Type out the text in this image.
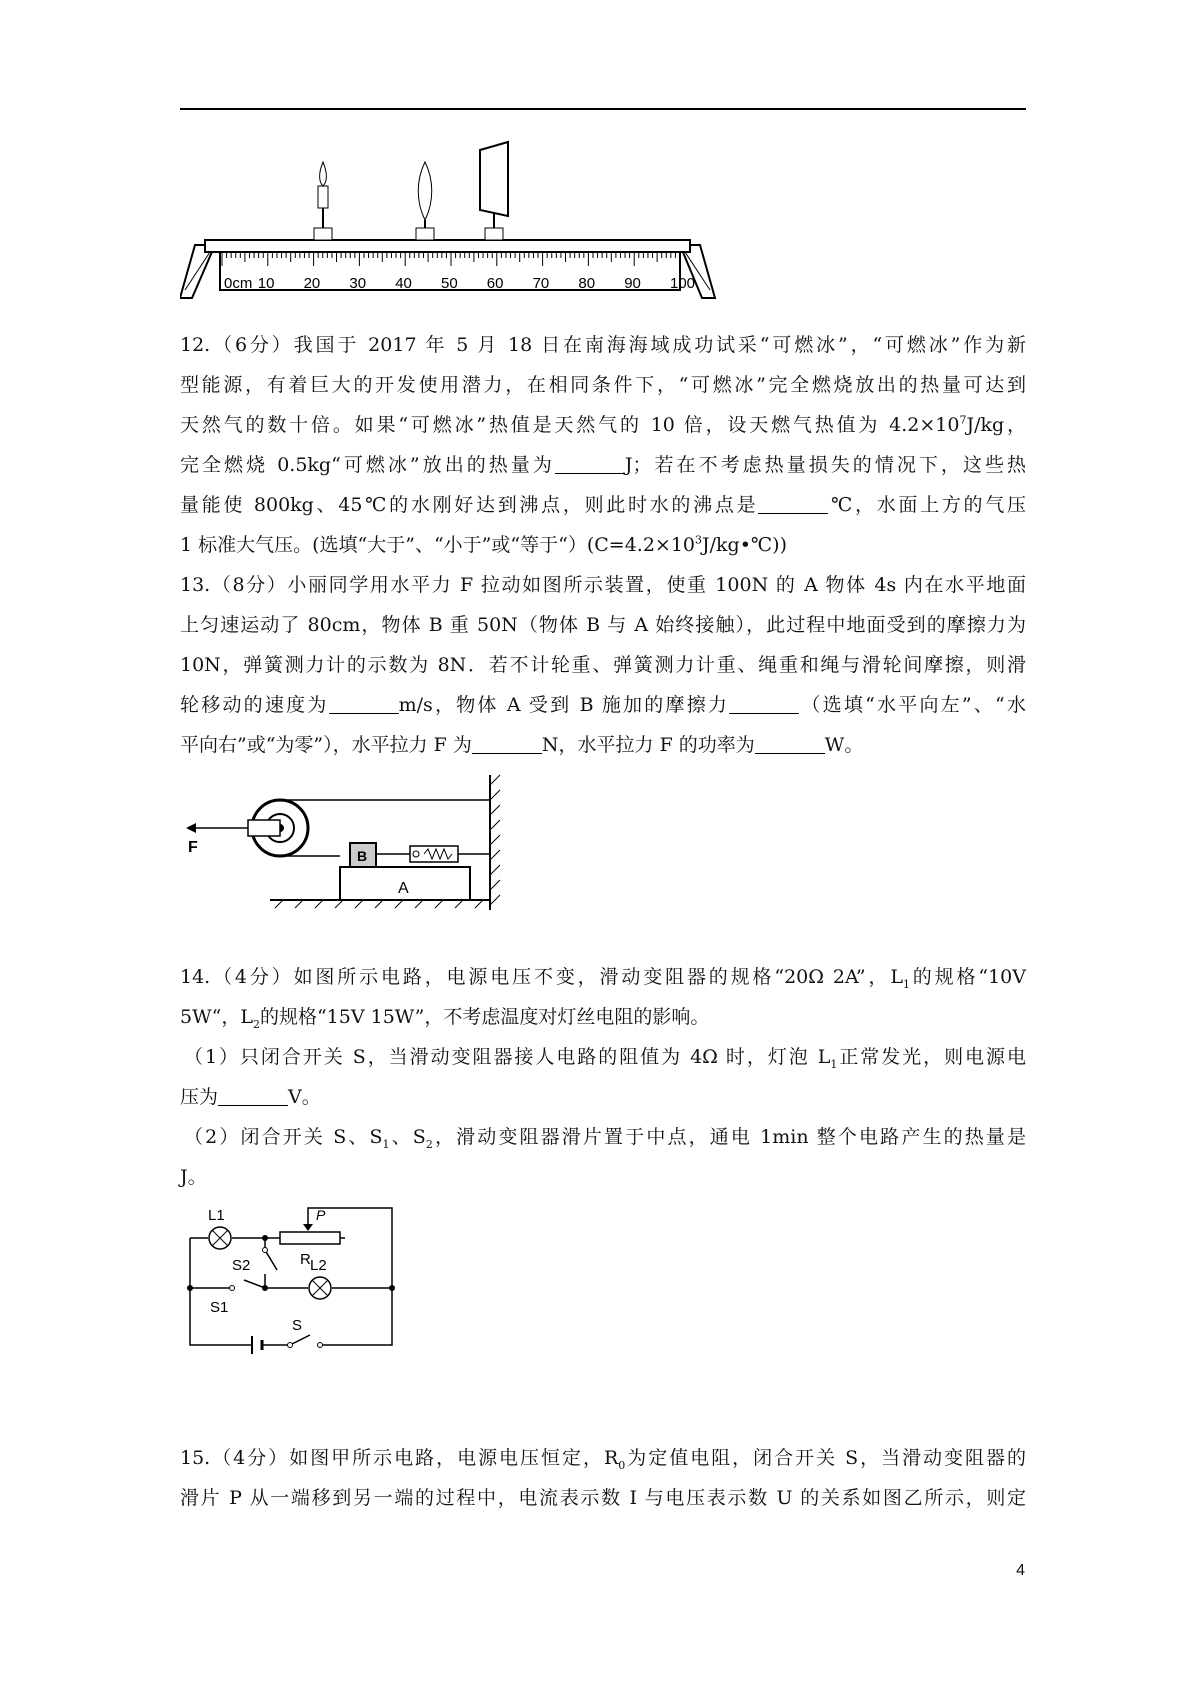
0cm 10 20 30 40 50 60 70 80 90 100
12.（6分）我国于 2017 年 5 月 18 日在南海海域成功试采“可燃冰”，“可燃冰”作为新
型能源，有着巨大的开发使用潜力，在相同条件下，“可燃冰”完全燃烧放出的热量可达到
天然气的数十倍。如果“可燃冰”热值是天然气的 10 倍，设天燃气热值为 $4.2\times 10^7J/kg$，
完全燃烧 0.5kg“可燃冰”放出的热量为	J；若在不考虑热量损失的情况下，这些热
量能使 800kg、45℃的水刚好达到沸点，则此时水的沸点是	℃，水面上方的气压
1 标准大气压。(选填“大于”、“小于”或“等于“）$(C=4.2\times 10^3J/kg•℃)$)
13.（8分）小丽同学用水平力 F 拉动如图所示装置，使重 100N 的 A 物体 4s 内在水平地面
上匀速运动了 80cm，物体 B 重 50N（物体 B 与 A 始终接触），此过程中地面受到的摩擦力为
10N，弹簧测力计的示数为 8N．若不计轮重、弹簧测力计重、绳重和绳与滑轮间摩擦，则滑
轮移动的速度为	m/s，物体 A 受到 B 施加的摩擦力	（选填“水平向左”、“水
平向右”或“为零”），水平拉力 F 为	N，水平拉力 F 的功率为	W。
A
B
F
14.（4分）如图所示电路，电源电压不变，滑动变阻器的规格“20Ω 2A”，$L_1$的规格“10V
5W“，$L_2$的规格“15V 15W”，不考虑温度对灯丝电阻的影响。
（1）只闭合开关 S，当滑动变阻器接人电路的阻值为 4Ω 时，灯泡 $L_1$正常发光，则电源电
压为	V。
（2）闭合开关 S、$S_1$、$S_2$，滑动变阻器滑片置于中点，通电 1min 整个电路产生的热量是
J。
L1	P
R
S2	L2
S1
S
15.（4分）如图甲所示电路，电源电压恒定，$R_0$为定值电阻，闭合开关 S，当滑动变阻器的
滑片 P 从一端移到另一端的过程中，电流表示数 I 与电压表示数 U 的关系如图乙所示，则定
4
